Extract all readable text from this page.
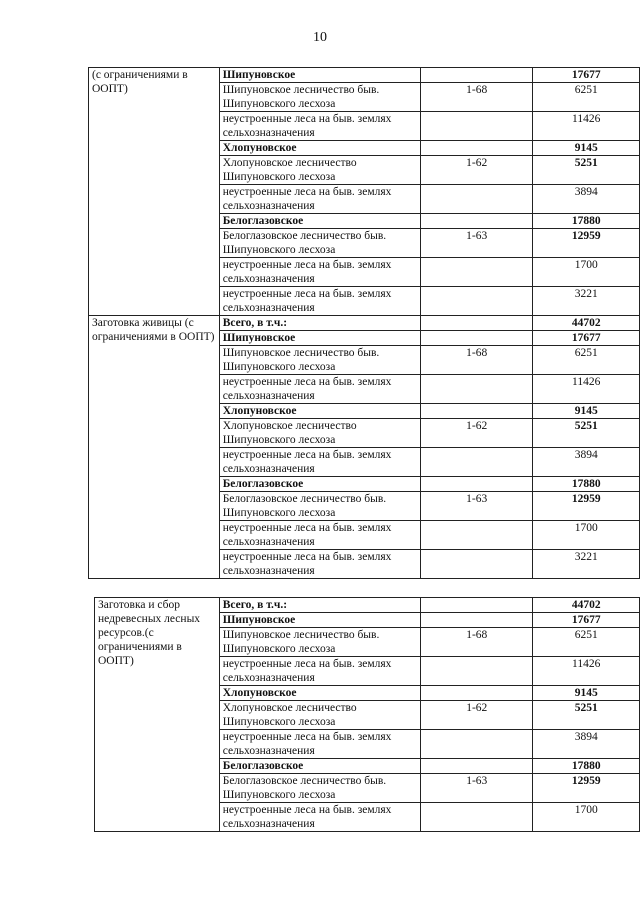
10
(с ограничениями в ООПТ)	Шипуновское		17677
	Шипуновское лесничество быв. Шипуновского лесхоза	1-68	6251
	неустроенные леса на быв. землях сельхозназначения		11426
	Хлопуновское		9145
	Хлопуновское лесничество Шипуновского лесхоза	1-62	5251
	неустроенные леса на быв. землях сельхозназначения		3894
	Белоглазовское		17880
	Белоглазовское лесничество быв. Шипуновского лесхоза	1-63	12959
	неустроенные леса на быв. землях сельхозназначения		1700
	неустроенные леса на быв. землях сельхозназначения		3221
Заготовка живицы (с ограничениями в ООПТ)	Всего, в т.ч.:		44702
	Шипуновское		17677
	Шипуновское лесничество быв. Шипуновского лесхоза	1-68	6251
	неустроенные леса на быв. землях сельхозназначения		11426
	Хлопуновское		9145
	Хлопуновское лесничество Шипуновского лесхоза	1-62	5251
	неустроенные леса на быв. землях сельхозназначения		3894
	Белоглазовское		17880
	Белоглазовское лесничество быв. Шипуновского лесхоза	1-63	12959
	неустроенные леса на быв. землях сельхозназначения		1700
	неустроенные леса на быв. землях сельхозназначения		3221
Заготовка и сбор недревесных лесных ресурсов.(с ограничениями в ООПТ)	Всего, в т.ч.:		44702
	Шипуновское		17677
	Шипуновское лесничество быв. Шипуновского лесхоза	1-68	6251
	неустроенные леса на быв. землях сельхозназначения		11426
	Хлопуновское		9145
	Хлопуновское лесничество Шипуновского лесхоза	1-62	5251
	неустроенные леса на быв. землях сельхозназначения		3894
	Белоглазовское		17880
	Белоглазовское лесничество быв. Шипуновского лесхоза	1-63	12959
	неустроенные леса на быв. землях сельхозназначения		1700
